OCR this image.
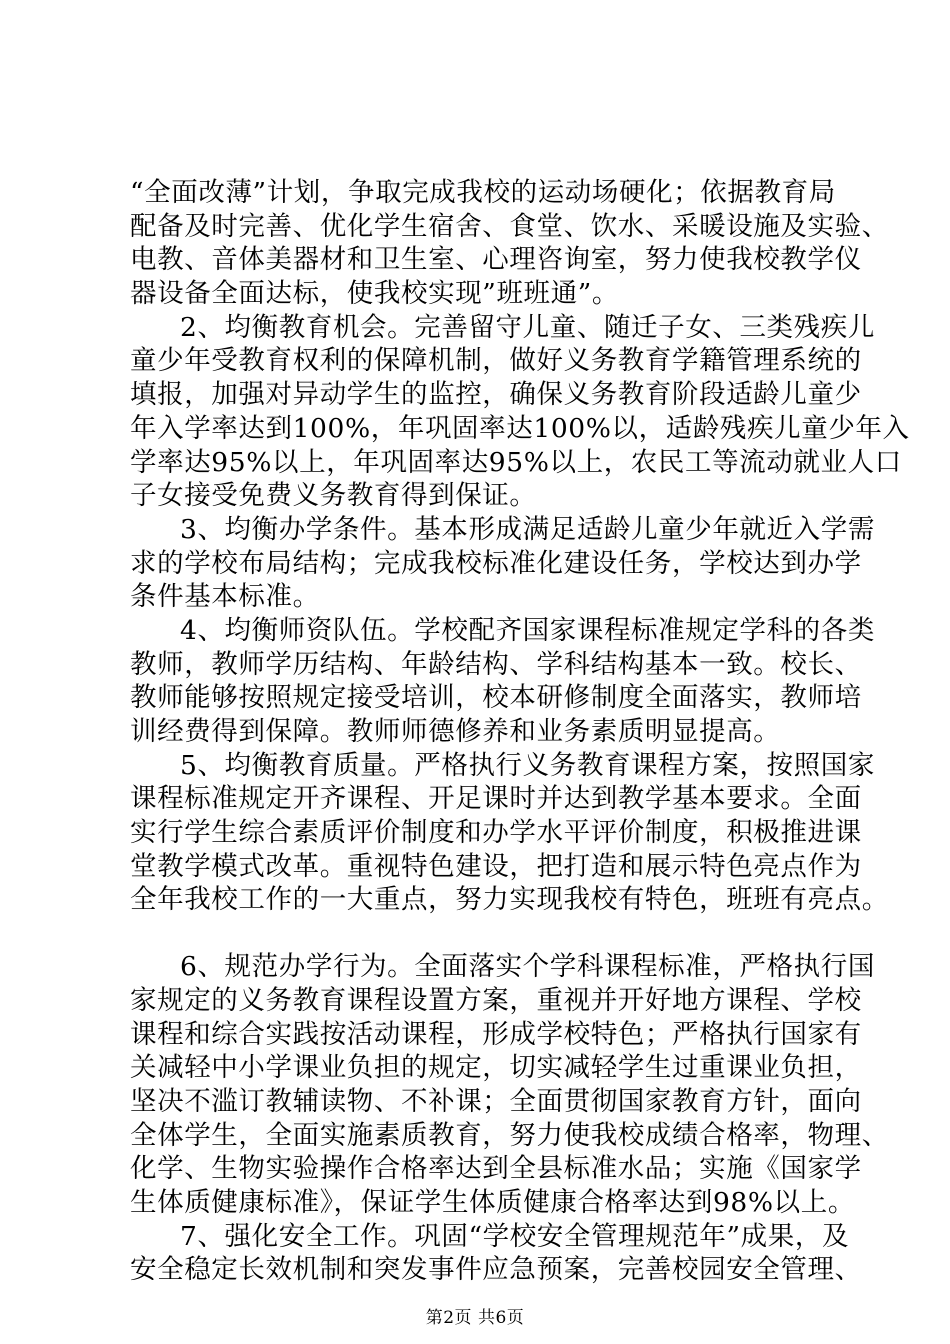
“全面改薄”计划，争取完成我校的运动场硬化；依据教育局
配备及时完善、优化学生宿舍、食堂、饮水、采暖设施及实验、
电教、音体美器材和卫生室、心理咨询室，努力使我校教学仪
器设备全面达标，使我校实现”班班通”。
2、均衡教育机会。完善留守儿童、随迁子女、三类残疾儿
童少年受教育权利的保障机制，做好义务教育学籍管理系统的
填报，加强对异动学生的监控，确保义务教育阶段适龄儿童少
年入学率达到100%，年巩固率达100%以，适龄残疾儿童少年入
学率达95%以上，年巩固率达95%以上，农民工等流动就业人口
子女接受免费义务教育得到保证。
3、均衡办学条件。基本形成满足适龄儿童少年就近入学需
求的学校布局结构；完成我校标准化建设任务，学校达到办学
条件基本标准。
4、均衡师资队伍。学校配齐国家课程标准规定学科的各类
教师，教师学历结构、年龄结构、学科结构基本一致。校长、
教师能够按照规定接受培训，校本研修制度全面落实，教师培
训经费得到保障。教师师德修养和业务素质明显提高。
5、均衡教育质量。严格执行义务教育课程方案，按照国家
课程标准规定开齐课程、开足课时并达到教学基本要求。全面
实行学生综合素质评价制度和办学水平评价制度，积极推进课
堂教学模式改革。重视特色建设，把打造和展示特色亮点作为
全年我校工作的一大重点，努力实现我校有特色，班班有亮点。
6、规范办学行为。全面落实个学科课程标准，严格执行国
家规定的义务教育课程设置方案，重视并开好地方课程、学校
课程和综合实践按活动课程，形成学校特色；严格执行国家有
关减轻中小学课业负担的规定，切实减轻学生过重课业负担，
坚决不滥订教辅读物、不补课；全面贯彻国家教育方针，面向
全体学生，全面实施素质教育，努力使我校成绩合格率，物理、
化学、生物实验操作合格率达到全县标准水品；实施《国家学
生体质健康标准》，保证学生体质健康合格率达到98%以上。
7、强化安全工作。巩固“学校安全管理规范年”成果，及
安全稳定长效机制和突发事件应急预案，完善校园安全管理、
第2页 共6页
